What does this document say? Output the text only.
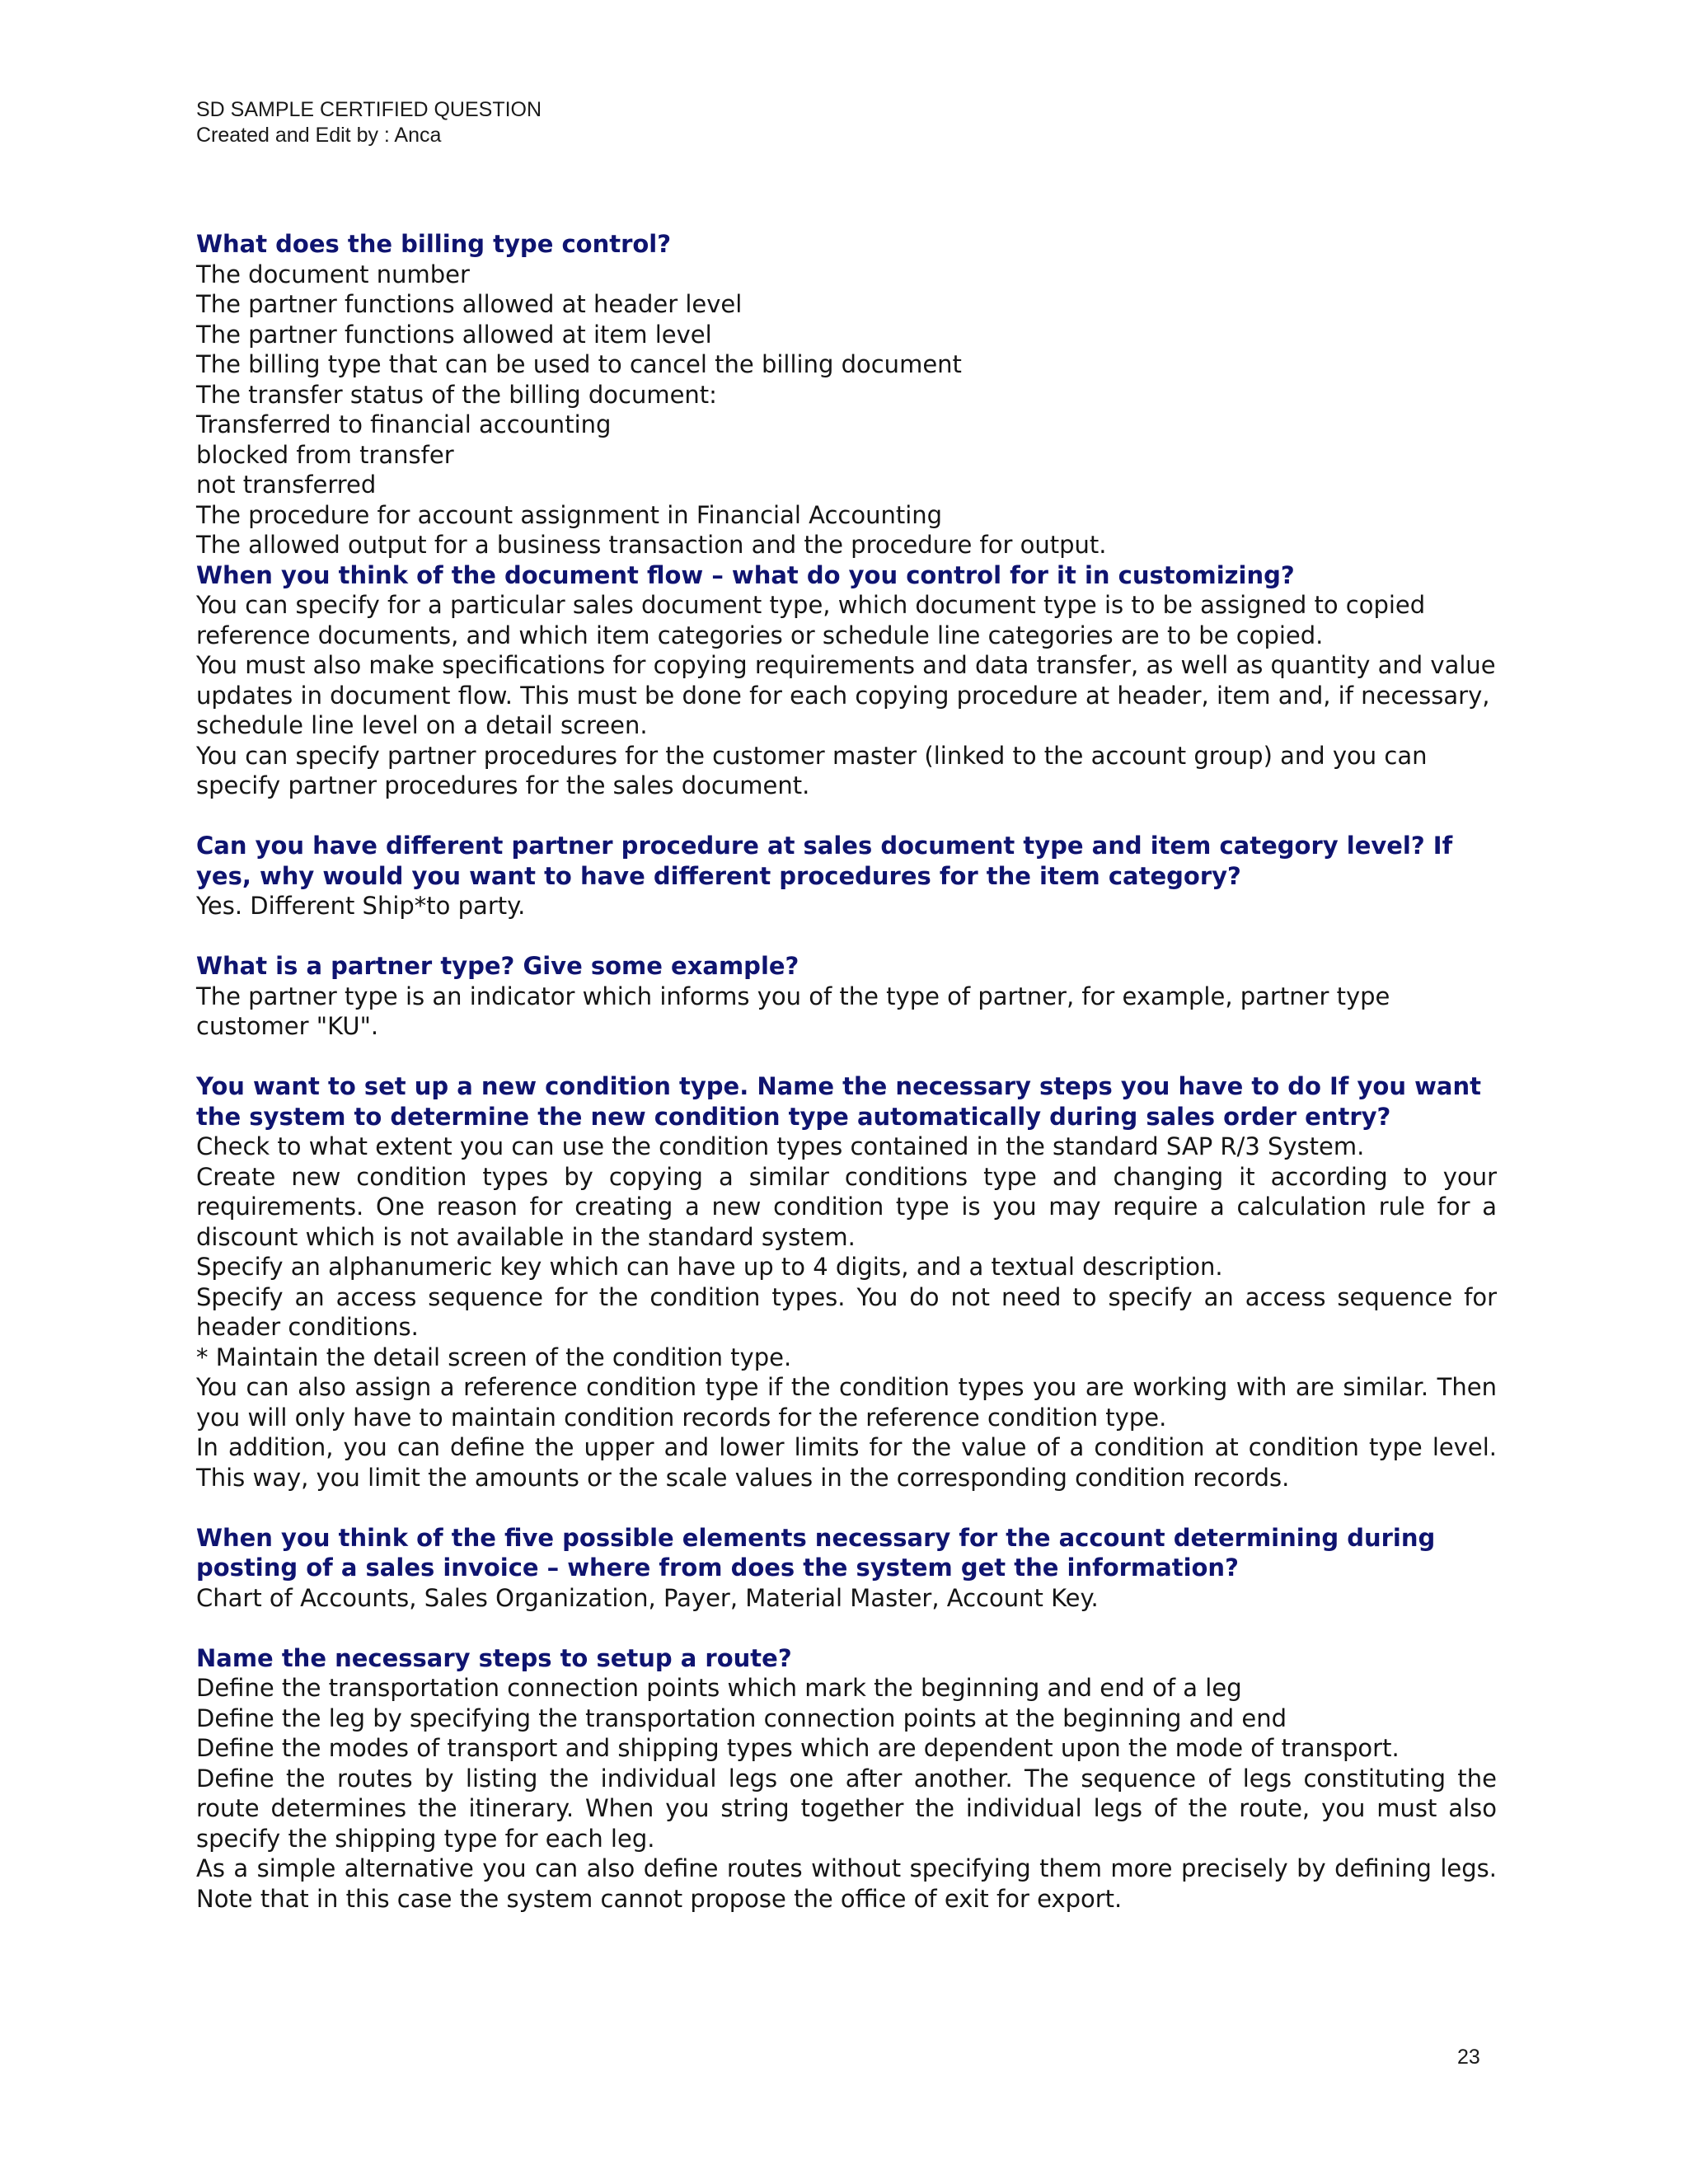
SD SAMPLE CERTIFIED QUESTION
Created and Edit by : Anca
What does the billing type control?
The document number
The partner functions allowed at header level
The partner functions allowed at item level
The billing type that can be used to cancel the billing document
The transfer status of the billing document:
Transferred to financial accounting
blocked from transfer
not transferred
The procedure for account assignment in Financial Accounting
The allowed output for a business transaction and the procedure for output.
When you think of the document flow – what do you control for it in customizing?
You can specify for a particular sales document type, which document type is to be assigned to copied reference documents, and which item categories or schedule line categories are to be copied.
You must also make specifications for copying requirements and data transfer, as well as quantity and value updates in document flow. This must be done for each copying procedure at header, item and, if necessary, schedule line level on a detail screen.
You can specify partner procedures for the customer master (linked to the account group) and you can specify partner procedures for the sales document.
Can you have different partner procedure at sales document type and item category level? If yes, why would you want to have different procedures for the item category?
Yes. Different Ship*to party.
What is a partner type? Give some example?
The partner type is an indicator which informs you of the type of partner, for example, partner type customer "KU".
You want to set up a new condition type. Name the necessary steps you have to do If you want the system to determine the new condition type automatically during sales order entry?
Check to what extent you can use the condition types contained in the standard SAP R/3 System.
Create new condition types by copying a similar conditions type and changing it according to your requirements. One reason for creating a new condition type is you may require a calculation rule for a discount which is not available in the standard system.
Specify an alphanumeric key which can have up to 4 digits, and a textual description.
Specify an access sequence for the condition types. You do not need to specify an access sequence for header conditions.
* Maintain the detail screen of the condition type.
You can also assign a reference condition type if the condition types you are working with are similar. Then you will only have to maintain condition records for the reference condition type.
In addition, you can define the upper and lower limits for the value of a condition at condition type level. This way, you limit the amounts or the scale values in the corresponding condition records.
When you think of the five possible elements necessary for the account determining during posting of a sales invoice – where from does the system get the information?
Chart of Accounts, Sales Organization, Payer, Material Master, Account Key.
Name the necessary steps to setup a route?
Define the transportation connection points which mark the beginning and end of a leg
Define the leg by specifying the transportation connection points at the beginning and end
Define the modes of transport and shipping types which are dependent upon the mode of transport.
Define the routes by listing the individual legs one after another. The sequence of legs constituting the route determines the itinerary. When you string together the individual legs of the route, you must also specify the shipping type for each leg.
As a simple alternative you can also define routes without specifying them more precisely by defining legs. Note that in this case the system cannot propose the office of exit for export.
23
